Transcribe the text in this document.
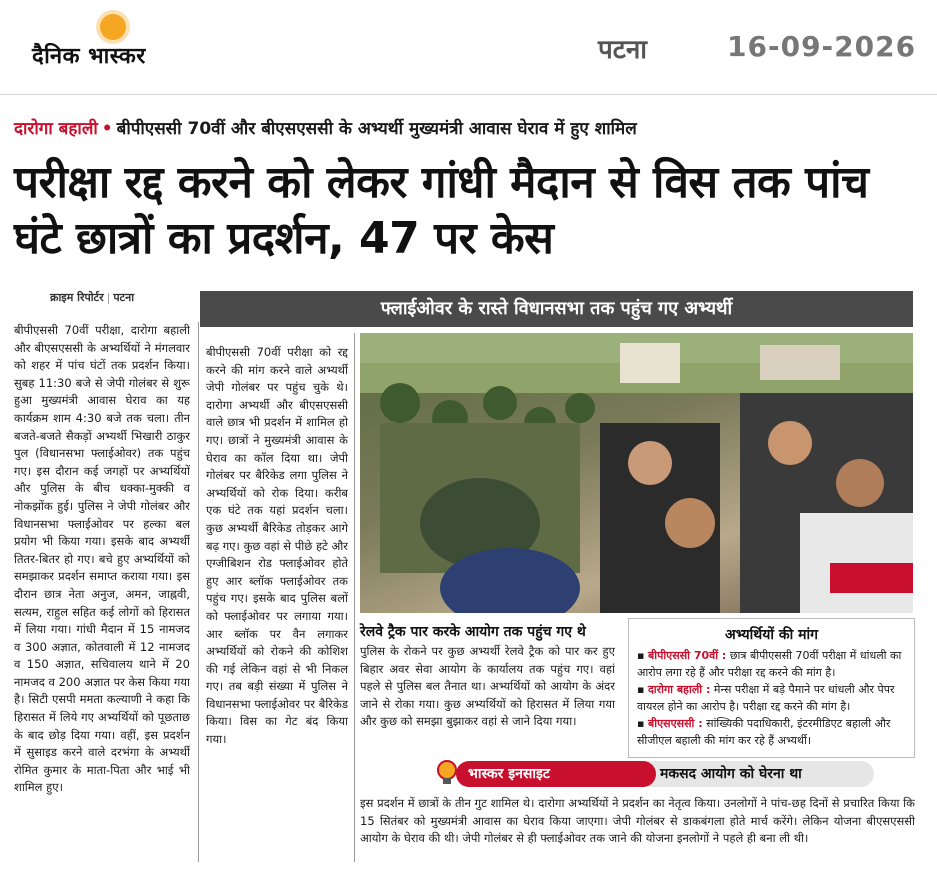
दैनिक भास्कर	पटना	16-09-2026
दारोगा बहाली • बीपीएससी 70वीं और बीएसएससी के अभ्यर्थी मुख्यमंत्री आवास घेराव में हुए शामिल
परीक्षा रद्द करने को लेकर गांधी मैदान से विस तक पांच घंटे छात्रों का प्रदर्शन, 47 पर केस
क्राइम रिपोर्टर | पटना
बीपीएससी 70वीं परीक्षा, दारोगा बहाली और बीएसएससी के अभ्यर्थियों ने मंगलवार को शहर में पांच घंटों तक प्रदर्शन किया। सुबह 11:30 बजे से जेपी गोलंबर से शुरू हुआ मुख्यमंत्री आवास घेराव का यह कार्यक्रम शाम 4:30 बजे तक चला। तीन बजते-बजते सैकड़ों अभ्यर्थी भिखारी ठाकुर पुल (विधानसभा फ्लाईओवर) तक पहुंच गए। इस दौरान कई जगहों पर अभ्यर्थियों और पुलिस के बीच धक्का-मुक्की व नोकझोंक हुई। पुलिस ने जेपी गोलंबर और विधानसभा फ्लाईओवर पर हल्का बल प्रयोग भी किया गया। इसके बाद अभ्यर्थी तितर-बितर हो गए। बचे हुए अभ्यर्थियों को समझाकर प्रदर्शन समाप्त कराया गया। इस दौरान छात्र नेता अनुज, अमन, जाह्नवी, सत्यम, राहुल सहित कई लोगों को हिरासत में लिया गया। गांधी मैदान में 15 नामजद व 300 अज्ञात, कोतवाली में 12 नामजद व 150 अज्ञात, सचिवालय थाने में 20 नामजद व 200 अज्ञात पर केस किया गया है। सिटी एसपी ममता कल्याणी ने कहा कि हिरासत में लिये गए अभ्यर्थियों को पूछताछ के बाद छोड़ दिया गया। वहीं, इस प्रदर्शन में सुसाइड करने वाले दरभंगा के अभ्यर्थी रोमित कुमार के माता-पिता और भाई भी शामिल हुए।
बीपीएससी 70वीं परीक्षा को रद्द करने की मांग करने वाले अभ्यर्थी जेपी गोलंबर पर पहुंच चुके थे। दारोगा अभ्यर्थी और बीएसएससी वाले छात्र भी प्रदर्शन में शामिल हो गए। छात्रों ने मुख्यमंत्री आवास के घेराव का कॉल दिया था। जेपी गोलंबर पर बैरिकेड लगा पुलिस ने अभ्यर्थियों को रोक दिया। करीब एक घंटे तक यहां प्रदर्शन चला। कुछ अभ्यर्थी बैरिकेड तोड़कर आगे बढ़ गए। कुछ वहां से पीछे हटे और एग्जीबिशन रोड फ्लाईओवर होते हुए आर ब्लॉक फ्लाईओवर तक पहुंच गए। इसके बाद पुलिस बलों को फ्लाईओवर पर लगाया गया। आर ब्लॉक पर वैन लगाकर अभ्यर्थियों को रोकने की कोशिश की गई लेकिन वहां से भी निकल गए। तब बड़ी संख्या में पुलिस ने विधानसभा फ्लाईओवर पर बैरिकेड किया। विस का गेट बंद किया गया।
फ्लाईओवर के रास्ते विधानसभा तक पहुंच गए अभ्यर्थी
रेलवे ट्रैक पार करके आयोग तक पहुंच गए थे
पुलिस के रोकने पर कुछ अभ्यर्थी रेलवे ट्रैक को पार कर हुए बिहार अवर सेवा आयोग के कार्यालय तक पहुंच गए। वहां पहले से पुलिस बल तैनात था। अभ्यर्थियों को आयोग के अंदर जाने से रोका गया। कुछ अभ्यर्थियों को हिरासत में लिया गया और कुछ को समझा बुझाकर वहां से जाने दिया गया।
अभ्यर्थियों की मांग
▪ बीपीएससी 70वीं : छात्र बीपीएससी 70वीं परीक्षा में धांधली का आरोप लगा रहे हैं और परीक्षा रद्द करने की मांग है।
▪ दारोगा बहाली : मेन्स परीक्षा में बड़े पैमाने पर धांधली और पेपर वायरल होने का आरोप है। परीक्षा रद्द करने की मांग है।
▪ बीएसएससी : सांख्यिकी पदाधिकारी, इंटरमीडिएट बहाली और सीजीएल बहाली की मांग कर रहे हैं अभ्यर्थी।
मकसद आयोग को घेरना था
भास्कर इनसाइट
इस प्रदर्शन में छात्रों के तीन गुट शामिल थे। दारोगा अभ्यर्थियों ने प्रदर्शन का नेतृत्व किया। उनलोगों ने पांच-छह दिनों से प्रचारित किया कि 15 सितंबर को मुख्यमंत्री आवास का घेराव किया जाएगा। जेपी गोलंबर से डाकबंगला होते मार्च करेंगे। लेकिन योजना बीएसएससी आयोग के घेराव की थी। जेपी गोलंबर से ही फ्लाईओवर तक जाने की योजना इनलोगों ने पहले ही बना ली थी।
